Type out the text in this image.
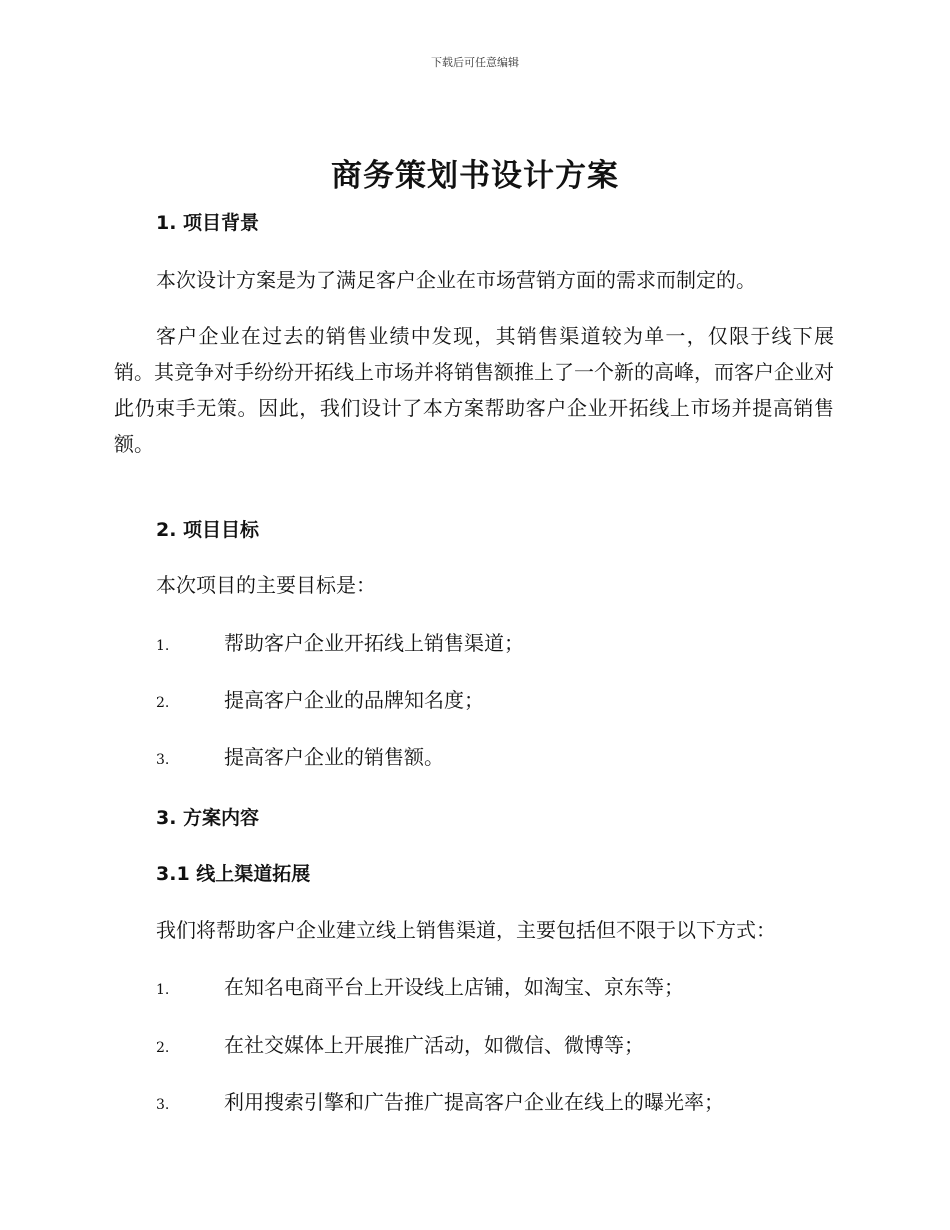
下载后可任意编辑
商务策划书设计方案
1. 项目背景

本次设计方案是为了满足客户企业在市场营销方面的需求而制定的。

客户企业在过去的销售业绩中发现，其销售渠道较为单一，仅限于线下展销。其竞争对手纷纷开拓线上市场并将销售额推上了一个新的高峰，而客户企业对此仍束手无策。因此，我们设计了本方案帮助客户企业开拓线上市场并提高销售额。

2. 项目目标

本次项目的主要目标是：

1.	帮助客户企业开拓线上销售渠道；
2.	提高客户企业的品牌知名度；
3.	提高客户企业的销售额。
3. 方案内容
3.1 线上渠道拓展

我们将帮助客户企业建立线上销售渠道，主要包括但不限于以下方式：

1.	在知名电商平台上开设线上店铺，如淘宝、京东等；
2.	在社交媒体上开展推广活动，如微信、微博等；
3.	利用搜索引擎和广告推广提高客户企业在线上的曝光率；
